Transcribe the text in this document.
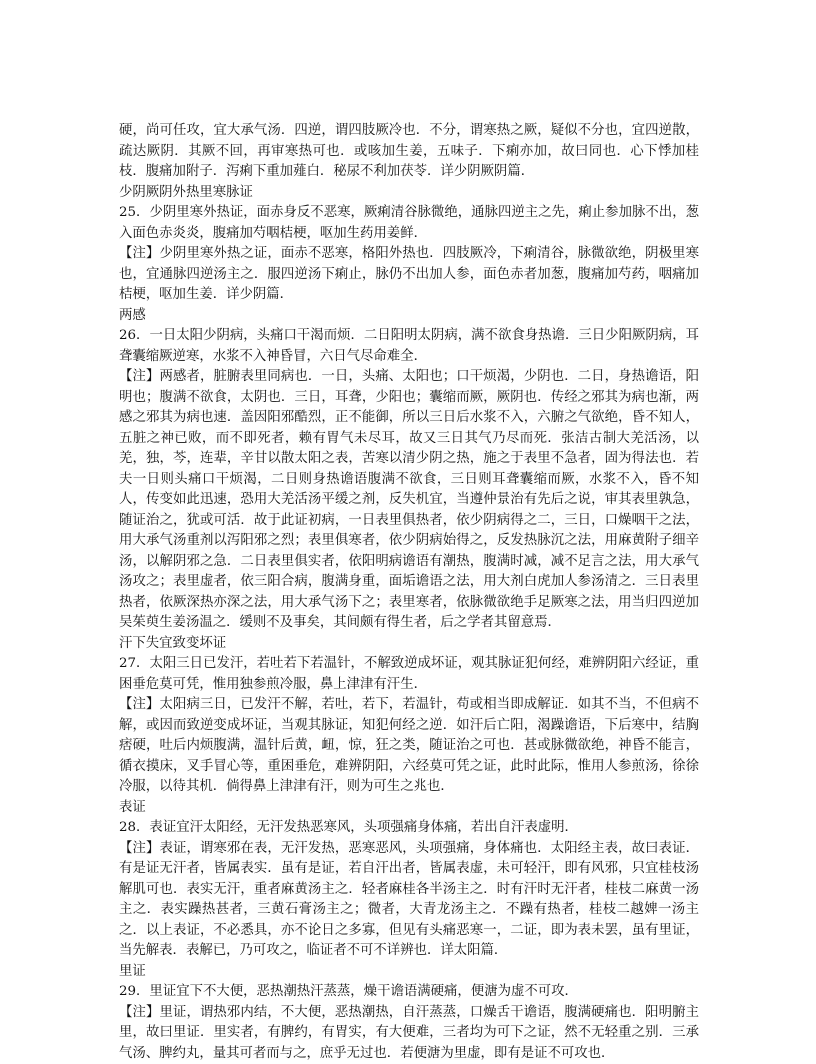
硬，尚可任攻，宜大承气汤．四逆，谓四肢厥冷也．不分，谓寒热之厥，疑似不分也，宜四逆散，疏达厥阴．其厥不回，再审寒热可也．或咳加生姜，五味子．下痢亦加，故曰同也．心下悸加桂枝．腹痛加附子．泻痢下重加薤白．秘尿不利加茯苓．详少阴厥阴篇．

少阴厥阴外热里寒脉证

25．少阴里寒外热证，面赤身反不恶寒，厥痢清谷脉微绝，通脉四逆主之先，痢止参加脉不出，葱入面色赤炎炎，腹痛加芍咽桔梗，呕加生药用姜鲜．

【注】少阴里寒外热之证，面赤不恶寒，格阳外热也．四肢厥冷，下痢清谷，脉微欲绝，阴极里寒也，宜通脉四逆汤主之．服四逆汤下痢止，脉仍不出加人参，面色赤者加葱，腹痛加芍药，咽痛加桔梗，呕加生姜．详少阴篇．

两感

26．一日太阳少阴病，头痛口干渴而烦．二日阳明太阴病，满不欲食身热谵．三日少阳厥阴病，耳聋囊缩厥逆寒，水浆不入神昏冒，六日气尽命难全．

【注】两感者，脏腑表里同病也．一日，头痛、太阳也；口干烦渴，少阴也．二日，身热谵语，阳明也；腹满不欲食，太阴也．三日，耳聋，少阳也；囊缩而厥，厥阴也．传经之邪其为病也渐，两感之邪其为病也速．盖因阳邪酷烈，正不能御，所以三日后水浆不入，六腑之气欲绝，昏不知人，五脏之神已败，而不即死者，赖有胃气未尽耳，故又三日其气乃尽而死．张洁古制大羌活汤，以羌，独，芩，连辈，辛甘以散太阳之表，苦寒以清少阴之热，施之于表里不急者，固为得法也．若夫一日则头痛口干烦渴，二日则身热谵语腹满不欲食，三日则耳聋囊缩而厥，水浆不入，昏不知人，传变如此迅速，恐用大羌活汤平缓之剂，反失机宜，当遵仲景治有先后之说，审其表里孰急，随证治之，犹或可活．故于此证初病，一日表里俱热者，依少阴病得之二，三日，口燥咽干之法，用大承气汤重剂以泻阳邪之烈；表里俱寒者，依少阴病始得之，反发热脉沉之法，用麻黄附子细辛汤，以解阴邪之急．二日表里俱实者，依阳明病谵语有潮热，腹满时减，减不足言之法，用大承气汤攻之；表里虚者，依三阳合病，腹满身重，面垢谵语之法，用大剂白虎加人参汤清之．三日表里热者，依厥深热亦深之法，用大承气汤下之；表里寒者，依脉微欲绝手足厥寒之法，用当归四逆加吴茱萸生姜汤温之．缓则不及事矣，其间颇有得生者，后之学者其留意焉．

汗下失宜致变坏证

27．太阳三日已发汗，若吐若下若温针，不解致逆成坏证，观其脉证犯何经，难辨阴阳六经证，重困垂危莫可凭，惟用独参煎冷服，鼻上津津有汗生．

【注】太阳病三日，已发汗不解，若吐，若下，若温针，苟或相当即成解证．如其不当，不但病不解，或因而致逆变成坏证，当观其脉证，知犯何经之逆．如汗后亡阳，渴躁谵语，下后寒中，结胸痞硬，吐后内烦腹满，温针后黄，衄，惊，狂之类，随证治之可也．甚或脉微欲绝，神昏不能言，循衣摸床，叉手冒心等，重困垂危，难辨阴阳，六经莫可凭之证，此时此际，惟用人参煎汤，徐徐冷服，以待其机．倘得鼻上津津有汗，则为可生之兆也．

表证

28．表证宜汗太阳经，无汗发热恶寒风，头项强痛身体痛，若出自汗表虚明．

【注】表证，谓寒邪在表，无汗发热，恶寒恶风，头项强痛，身体痛也．太阳经主表，故曰表证．有是证无汗者，皆属表实．虽有是证，若自汗出者，皆属表虚，未可轻汗，即有风邪，只宜桂枝汤解肌可也．表实无汗，重者麻黄汤主之．轻者麻桂各半汤主之．时有汗时无汗者，桂枝二麻黄一汤主之．表实躁热甚者，三黄石膏汤主之；微者，大青龙汤主之．不躁有热者，桂枝二越婢一汤主之．以上表证，不必悉具，亦不论日之多寡，但见有头痛恶寒一，二证，即为表未罢，虽有里证，当先解表．表解已，乃可攻之，临证者不可不详辨也．详太阳篇．

里证

29．里证宜下不大便，恶热潮热汗蒸蒸，燥干谵语满硬痛，便溏为虚不可攻．

【注】里证，谓热邪内结，不大便，恶热潮热，自汗蒸蒸，口燥舌干谵语，腹满硬痛也．阳明腑主里，故曰里证．里实者，有脾约，有胃实，有大便难，三者均为可下之证，然不无轻重之别．三承气汤、脾约丸，量其可者而与之，庶乎无过也．若便溏为里虚，即有是证不可攻也．
